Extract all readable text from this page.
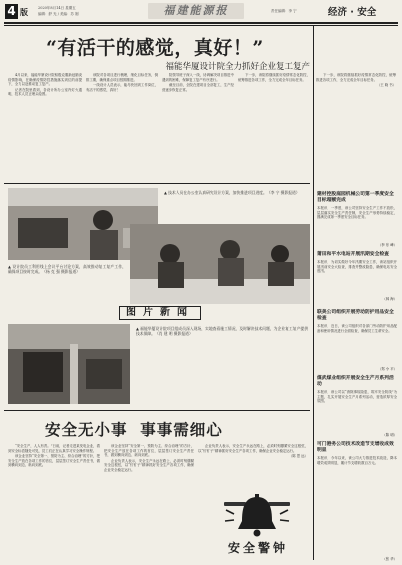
4 版	2020年8月14日 星期五
编辑：舒 光 / 美编：苏 刚	福建能源报	责任编辑：李 宁	经济 · 安全
“有活干的感觉，真好！”
福能华厦设计院全力抓好企业复工复产

4月以来，福能华厦设计院积极克服新冠肺炎疫情影响，在确保疫情防控措施落实到位的前提下，全力以赴推动复工复产。

记者在院里看到，各设计所办公室内灯火通明，技术人员正埋头绘图。

该院对各项目进行梳理，细化目标任务，倒排工期，确保重点项目按期推进。

一线设计人员表示，能尽快回到工作岗位，有活干的感觉，真好！

院领导班子深入一线，协调解决项目推进中遇到的困难，保障复工复产有序进行。

截至目前，全院在建项目全部复工，生产经营逐步恢复正常。

下一步，该院将继续抓好疫情常态化防控，统筹推进各项工作，全力完成全年目标任务。

下一步，该院将继续抓好疫情常态化防控，统筹推进各项工作，全力完成全年目标任务。

（王 晓 书）

▲ 技术人员在办公室认真研究设计方案，加快推进项目进度。（李 宁 摄影报道）
▲ 设计院员工利用线上会议平台讨论方案，高效推动复工复产工作，确保项目按时完成。（杨 克 强 摄影报道）
图片新闻
▲ 福能华厦设计院项目组成员深入现场，实地查看施工情况，及时解决技术问题，为企业复工复产提供技术保障。（肖 建 明 摄影报道）
建材控股庭园机械公司第一季度安全目标超额完成
本报讯　一季度，该公司坚持安全生产工作不放松，层层落实安全生产责任制，安全生产形势持续稳定，圆满完成第一季度安全目标任务。
（李 东 峰）
莆田和平水电站开展汛期安全检查
本报讯　为切实做好今年汛期安全工作，该站组织开展汛前安全大检查，排查并整改隐患，确保电站安全度汛。
（林 海）
联美公司组织开展劳动防护用品安全检查
本报讯　近日，该公司组织对各部门劳动防护用品配备和使用情况进行全面检查，确保员工生命安全。
（郑 小 平）
煤武煤业组织开展安全生产月系列活动
本报讯　该公司以“消除事故隐患，筑牢安全防线”为主题，扎实开展安全生产月系列活动，营造浓厚安全氛围。
（陈 明）
可门港务公司技术改造节支增收成效明显
本报讯　今年以来，该公司大力推进技术改造，降本增效成效明显，累计节支增收数百万元。
（张 华）
安全无小事  事事需细心

“安全生产，人人有责。”日前，记者走进某发电企业，看到安全标语随处可见，员工们正在认真学习安全操作规程。

该企业坚持“安全第一、预防为主、综合治理”的方针，把安全生产放在各项工作的首位，层层签订安全生产责任书，做到横向到边、纵向到底。

该企业坚持“安全第一、预防为主、综合治理”的方针，把安全生产放在各项工作的首位，层层签订安全生产责任书，做到横向到边、纵向到底。

企业负责人表示，安全生产永远在路上，必须时刻绷紧安全这根弦，以“钉钉子”精神抓好安全生产各项工作，确保企业安全稳定运行。

企业负责人表示，安全生产永远在路上，必须时刻绷紧安全这根弦，以“钉钉子”精神抓好安全生产各项工作，确保企业安全稳定运行。

（陈 思 远）

安全警钟
